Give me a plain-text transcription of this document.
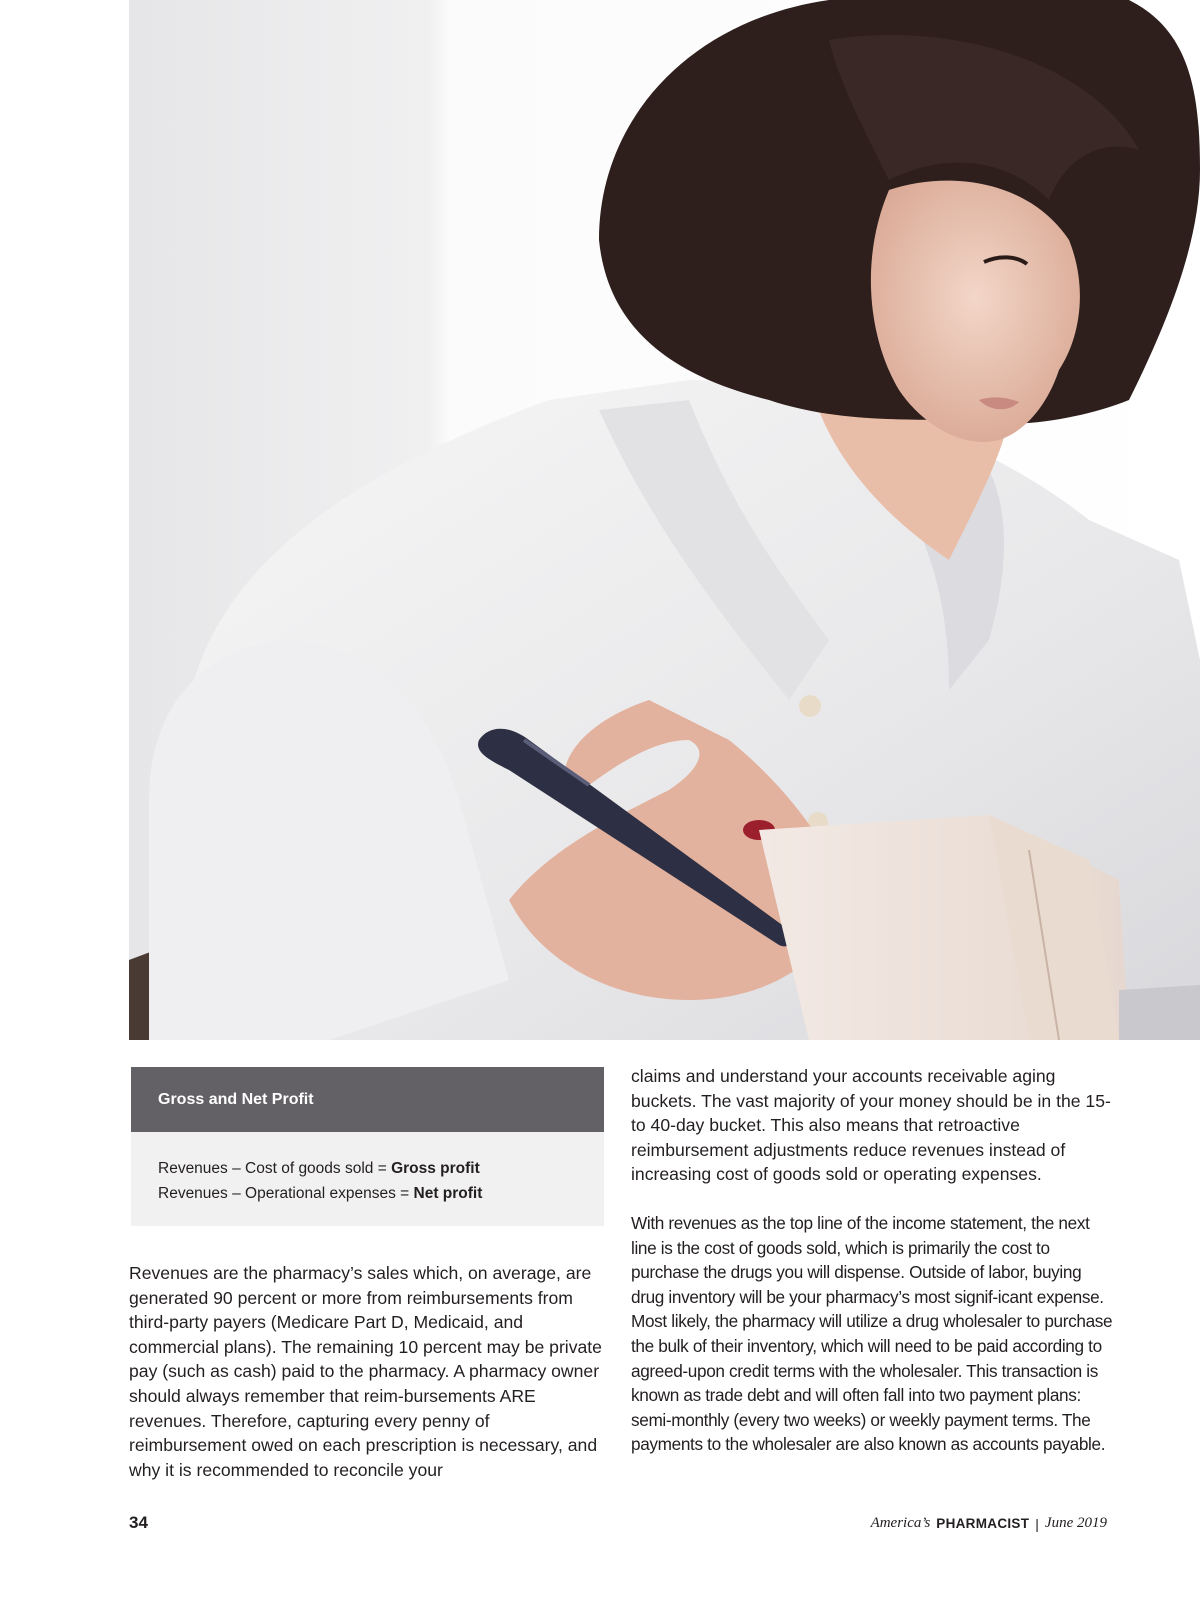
Gross and Net Profit
Revenues – Cost of goods sold = Gross profit
Revenues – Operational expenses = Net profit

Revenues are the pharmacy’s sales which, on average, are generated 90 percent or more from reimbursements from third-party payers (Medicare Part D, Medicaid, and commercial plans). The remaining 10 percent may be private pay (such as cash) paid to the pharmacy. A pharmacy owner should always remember that reim-bursements ARE revenues. Therefore, capturing every penny of reimbursement owed on each prescription is necessary, and why it is recommended to reconcile your

claims and understand your accounts receivable aging buckets. The vast majority of your money should be in the 15- to 40-day bucket. This also means that retroactive reimbursement adjustments reduce revenues instead of increasing cost of goods sold or operating expenses.

With revenues as the top line of the income statement, the next line is the cost of goods sold, which is primarily the cost to purchase the drugs you will dispense. Outside of labor, buying drug inventory will be your pharmacy’s most signif-icant expense. Most likely, the pharmacy will utilize a drug wholesaler to purchase the bulk of their inventory, which will need to be paid according to agreed-upon credit terms with the wholesaler. This transaction is known as trade debt and will often fall into two payment plans: semi-monthly (every two weeks) or weekly payment terms. The payments to the wholesaler are also known as accounts payable.

34	America’s PHARMACIST | June 2019
